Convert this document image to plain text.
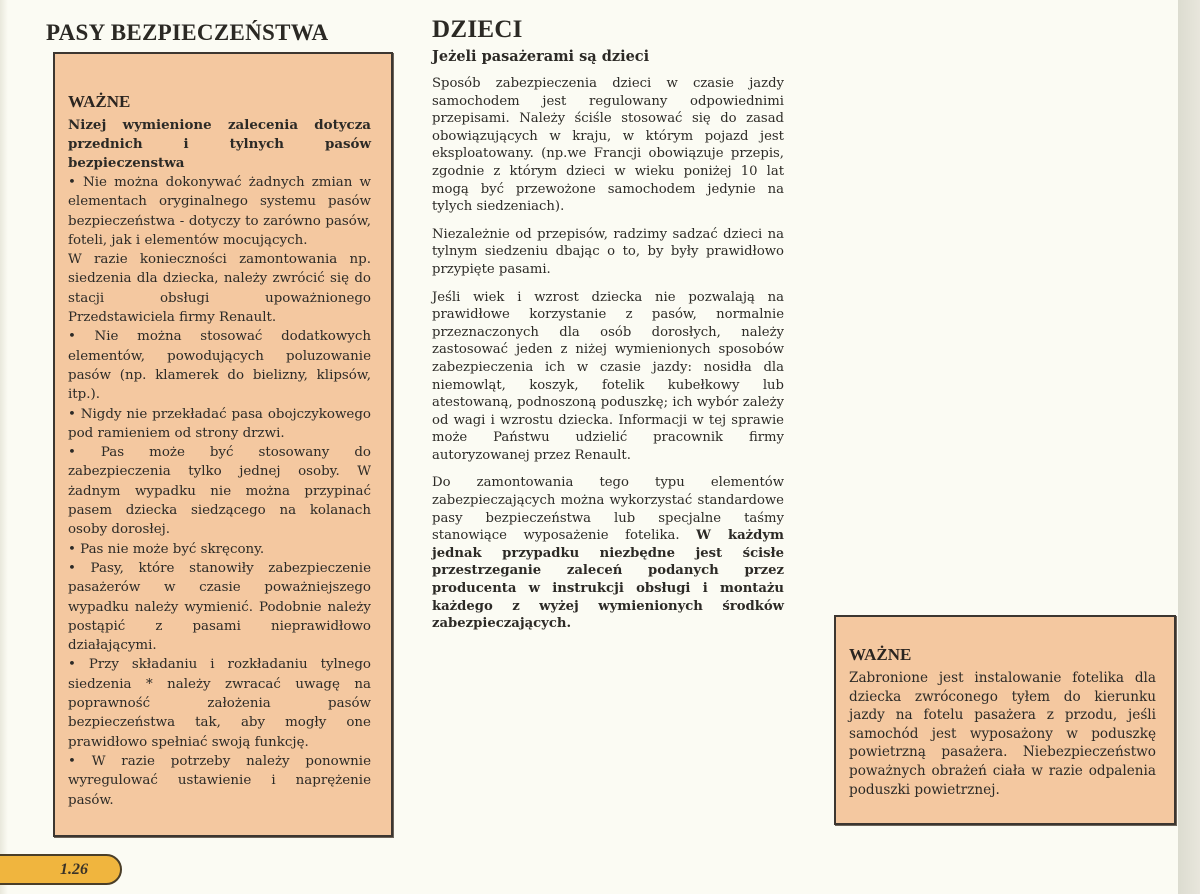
PASY BEZPIECZEŃSTWA
WAŻNE

Nizej wymienione zalecenia dotycza przednich i tylnych pasów bezpieczenstwa

• Nie można dokonywać żadnych zmian w elementach oryginalnego systemu pasów bezpieczeństwa - dotyczy to zarówno pasów, foteli, jak i elementów mocujących.

W razie konieczności zamontowania np. siedzenia dla dziecka, należy zwrócić się do stacji obsługi upoważnionego Przedstawiciela firmy Renault.

• Nie można stosować dodatkowych elementów, powodujących poluzowanie pasów (np. klamerek do bielizny, klipsów, itp.).

• Nigdy nie przekładać pasa obojczykowego pod ramieniem od strony drzwi.

• Pas może być stosowany do zabezpieczenia tylko jednej osoby. W żadnym wypadku nie można przypinać pasem dziecka siedzącego na kolanach osoby dorosłej.

• Pas nie może być skręcony.

• Pasy, które stanowiły zabezpieczenie pasażerów w czasie poważniejszego wypadku należy wymienić. Podobnie należy postąpić z pasami nieprawidłowo działającymi.

• Przy składaniu i rozkładaniu tylnego siedzenia * należy zwracać uwagę na poprawność założenia pasów bezpieczeństwa tak, aby mogły one prawidłowo spełniać swoją funkcję.

• W razie potrzeby należy ponownie wyregulować ustawienie i naprężenie pasów.

DZIECI
Jeżeli pasażerami są dzieci

Sposób zabezpieczenia dzieci w czasie jazdy samochodem jest regulowany odpowiednimi przepisami. Należy ściśle stosować się do zasad obowiązujących w kraju, w którym pojazd jest eksploatowany. (np.we Francji obowiązuje przepis, zgodnie z którym dzieci w wieku poniżej 10 lat mogą być przewożone samochodem jedynie na tylych siedzeniach).

Niezależnie od przepisów, radzimy sadzać dzieci na tylnym siedzeniu dbając o to, by były prawidłowo przypięte pasami.

Jeśli wiek i wzrost dziecka nie pozwalają na prawidłowe korzystanie z pasów, normalnie przeznaczonych dla osób dorosłych, należy zastosować jeden z niżej wymienionych sposobów zabezpieczenia ich w czasie jazdy: nosidła dla niemowląt, koszyk, fotelik kubełkowy lub atestowaną, podnoszoną poduszkę; ich wybór zależy od wagi i wzrostu dziecka. Informacji w tej sprawie może Państwu udzielić pracownik firmy autoryzowanej przez Renault.

Do zamontowania tego typu elementów zabezpieczających można wykorzystać standardowe pasy bezpieczeństwa lub specjalne taśmy stanowiące wyposażenie fotelika. W każdym jednak przypadku niezbędne jest ścisłe przestrzeganie zaleceń podanych przez producenta w instrukcji obsługi i montażu każdego z wyżej wymienionych środków zabezpieczających.

WAŻNE
Zabronione jest instalowanie fotelika dla dziecka zwróconego tyłem do kierunku jazdy na fotelu pasażera z przodu, jeśli samochód jest wyposażony w poduszkę powietrzną pasażera. Niebezpieczeństwo poważnych obrażeń ciała w razie odpalenia poduszki powietrznej.
1.26
